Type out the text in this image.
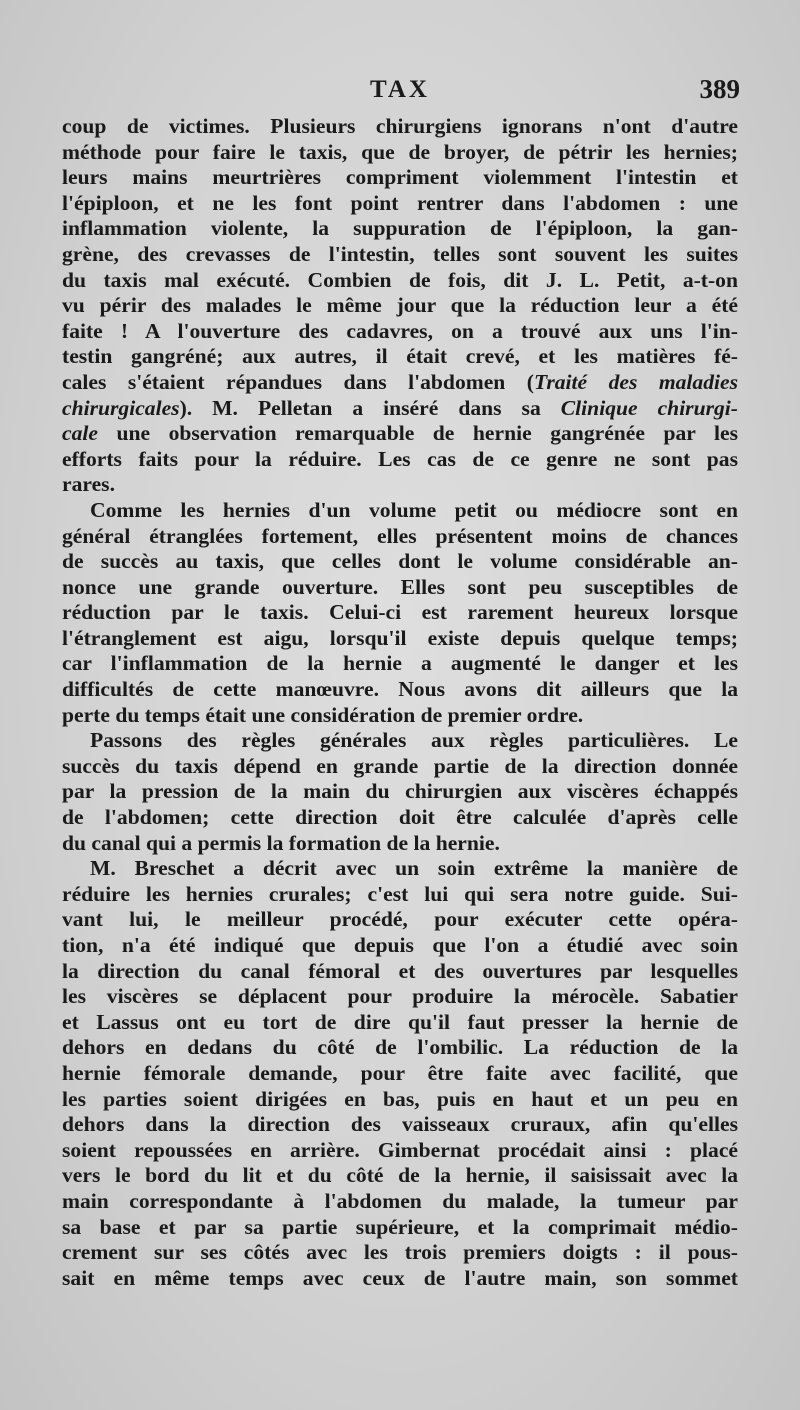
TAX	389
coup de victimes. Plusieurs chirurgiens ignorans n'ont d'autre
méthode pour faire le taxis, que de broyer, de pétrir les hernies;
leurs mains meurtrières compriment violemment l'intestin et
l'épiploon, et ne les font point rentrer dans l'abdomen : une
inflammation violente, la suppuration de l'épiploon, la gan-
grène, des crevasses de l'intestin, telles sont souvent les suites
du taxis mal exécuté. Combien de fois, dit J. L. Petit, a-t-on
vu périr des malades le même jour que la réduction leur a été
faite ! A l'ouverture des cadavres, on a trouvé aux uns l'in-
testin gangréné; aux autres, il était crevé, et les matières fé-
cales s'étaient répandues dans l'abdomen (Traité des maladies
chirurgicales). M. Pelletan a inséré dans sa Clinique chirurgi-
cale une observation remarquable de hernie gangrénée par les
efforts faits pour la réduire. Les cas de ce genre ne sont pas
rares.
Comme les hernies d'un volume petit ou médiocre sont en
général étranglées fortement, elles présentent moins de chances
de succès au taxis, que celles dont le volume considérable an-
nonce une grande ouverture. Elles sont peu susceptibles de
réduction par le taxis. Celui-ci est rarement heureux lorsque
l'étranglement est aigu, lorsqu'il existe depuis quelque temps;
car l'inflammation de la hernie a augmenté le danger et les
difficultés de cette manœuvre. Nous avons dit ailleurs que la
perte du temps était une considération de premier ordre.
Passons des règles générales aux règles particulières. Le
succès du taxis dépend en grande partie de la direction donnée
par la pression de la main du chirurgien aux viscères échappés
de l'abdomen; cette direction doit être calculée d'après celle
du canal qui a permis la formation de la hernie.
M. Breschet a décrit avec un soin extrême la manière de
réduire les hernies crurales; c'est lui qui sera notre guide. Sui-
vant lui, le meilleur procédé, pour exécuter cette opéra-
tion, n'a été indiqué que depuis que l'on a étudié avec soin
la direction du canal fémoral et des ouvertures par lesquelles
les viscères se déplacent pour produire la mérocèle. Sabatier
et Lassus ont eu tort de dire qu'il faut presser la hernie de
dehors en dedans du côté de l'ombilic. La réduction de la
hernie fémorale demande, pour être faite avec facilité, que
les parties soient dirigées en bas, puis en haut et un peu en
dehors dans la direction des vaisseaux cruraux, afin qu'elles
soient repoussées en arrière. Gimbernat procédait ainsi : placé
vers le bord du lit et du côté de la hernie, il saisissait avec la
main correspondante à l'abdomen du malade, la tumeur par
sa base et par sa partie supérieure, et la comprimait médio-
crement sur ses côtés avec les trois premiers doigts : il pous-
sait en même temps avec ceux de l'autre main, son sommet
